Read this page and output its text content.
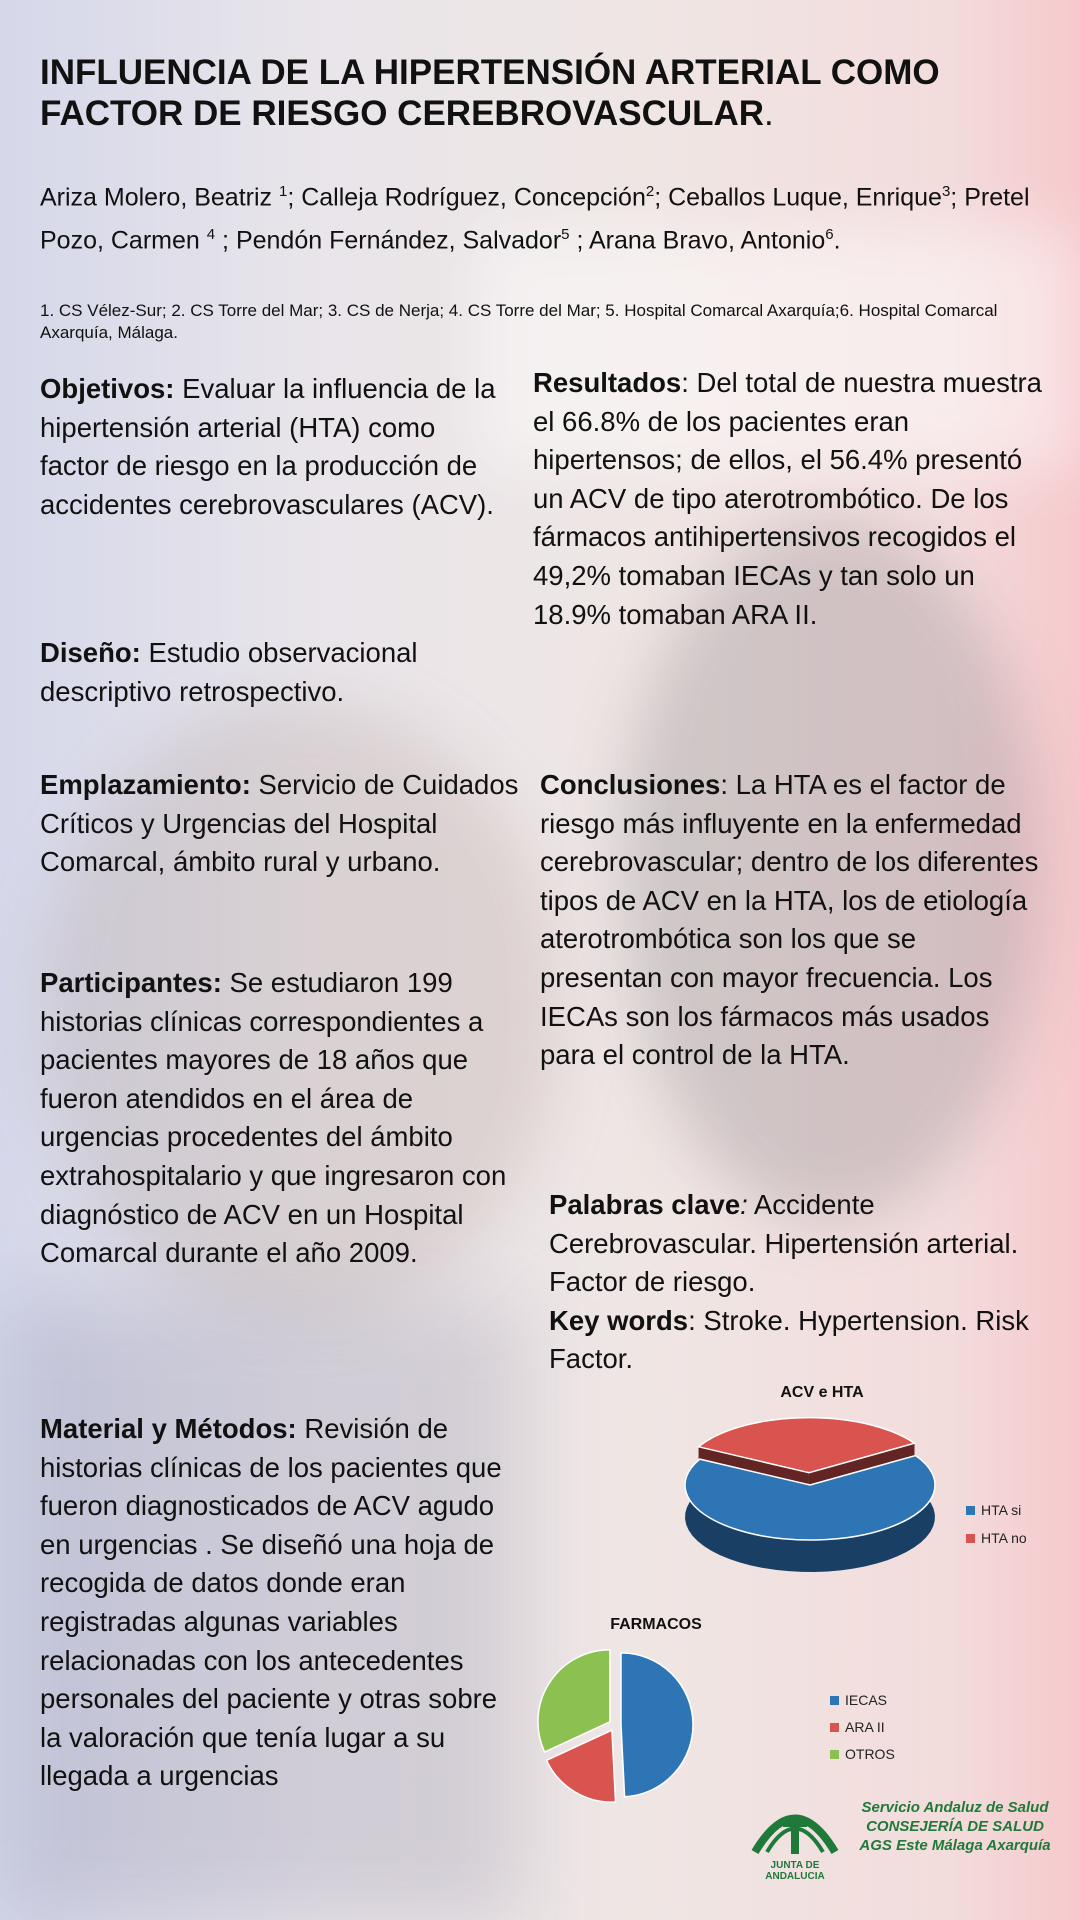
INFLUENCIA DE LA HIPERTENSIÓN ARTERIAL COMO
FACTOR DE RIESGO CEREBROVASCULAR.

Ariza Molero, Beatriz $^1$; Calleja Rodríguez, Concepción$^2$; Ceballos Luque, Enrique$^3$; Pretel Pozo, Carmen $^4$ ; Pendón Fernández, Salvador$^5$ ; Arana Bravo, Antonio$^6$.

1. CS Vélez-Sur; 2. CS Torre del Mar; 3. CS de Nerja; 4. CS Torre del Mar; 5. Hospital Comarcal Axarquía;6. Hospital Comarcal Axarquía, Málaga.

Objetivos: Evaluar la influencia de la hipertensión arterial (HTA) como factor de riesgo en la producción de accidentes cerebrovasculares (ACV).

Diseño: Estudio observacional descriptivo retrospectivo.

Emplazamiento: Servicio de Cuidados Críticos y Urgencias del Hospital Comarcal, ámbito rural y urbano.

Participantes: Se estudiaron 199 historias clínicas correspondientes a pacientes mayores de 18 años que fueron atendidos en el área de urgencias procedentes del ámbito extrahospitalario y que ingresaron con diagnóstico de ACV en un Hospital Comarcal durante el año 2009.

Material y Métodos: Revisión de historias clínicas de los pacientes que fueron diagnosticados de ACV agudo en urgencias . Se diseñó una hoja de recogida de datos donde eran registradas algunas variables relacionadas con los antecedentes personales del paciente y otras sobre la valoración que tenía lugar a su llegada a urgencias

Resultados: Del total de nuestra muestra el 66.8% de los pacientes eran hipertensos; de ellos, el 56.4% presentó un ACV de tipo aterotrombótico. De los fármacos antihipertensivos recogidos el 49,2% tomaban IECAs y tan solo un 18.9% tomaban ARA II.

Conclusiones: La HTA es el factor de riesgo más influyente en la enfermedad cerebrovascular; dentro de los diferentes tipos de ACV en la HTA, los de etiología aterotrombótica son los que se presentan con mayor frecuencia. Los IECAs son los fármacos más usados para el control de la HTA.

Palabras clave: Accidente Cerebrovascular. Hipertensión arterial. Factor de riesgo.
Key words: Stroke. Hypertension. Risk Factor.

ACV e HTA
HTA si
HTA no
FARMACOS
IECAS
ARA II
OTROS
JUNTA DE ANDALUCIA
Servicio Andaluz de Salud
CONSEJERÍA DE SALUD
AGS Este Málaga Axarquía
